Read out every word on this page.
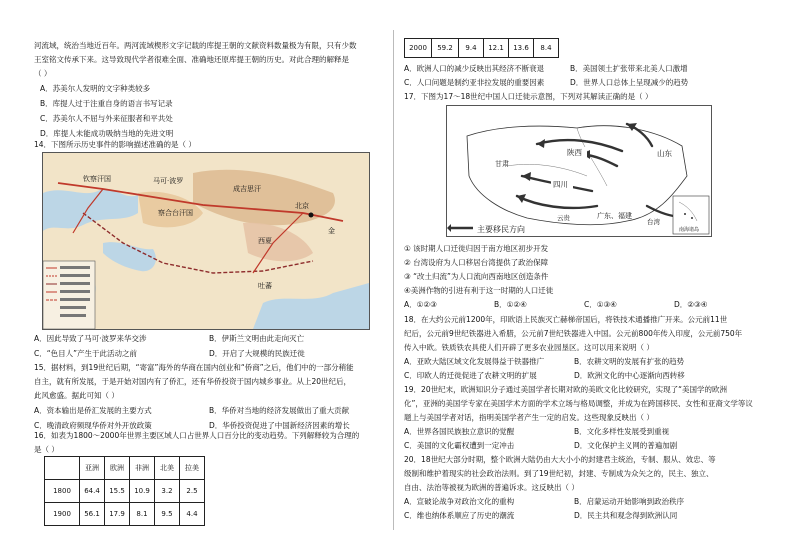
河流域，统治当地近百年。两河流域楔形文字记载的库提王朝的文献资料数量极为有限，只有少数

王室铭文传承下来。这导致现代学者很难全面、准确地还原库提王朝的历史。对此合理的解释是

（ ）

A．苏美尔人发明的文字种类较多

B．库提人过于注重自身的语言书写记录

C．苏美尔人不屈与外来征服者和平共处

D．库提人未能成功吸纳当地的先进文明

14．下图所示历史事件的影响描述准确的是（ ）

北京
马可·波罗
成吉思汗
金
西夏
吐蕃
察合台汗国
钦察汗国
A．因此导致了马可·波罗来华交涉	B．伊斯兰文明由此走向灭亡
C．“色目人”产生于此活动之前	D．开启了大规模的民族迁徙

15．据材料，到19世纪后期，“寄富”海外的华商在国内创业和“侨商”之后，他们中的一部分稍能

自主，就有所发展，于是开始对国内有了侨汇，还有华侨投资于国内城乡事业。从上20世纪后，

此风愈盛。据此可知（ ）

A．资本输出是侨汇发展的主要方式	B．华侨对当地的经济发展做出了重大贡献
C．晚清政府频现华侨对外开放政策	D．华侨投资促进了中国新经济因素的增长

16．如表为1800～2000年世界主要区域人口占世界人口百分比的变动趋势。下列解释较为合理的

是（ ）

	亚洲	欧洲	非洲	北美	拉美
1800	64.4	15.5	10.9	3.2	2.5
1900	56.1	17.9	8.1	9.5	4.4
2000	59.2	9.4	12.1	13.6	8.4
A．欧洲人口的减少反映出其经济不断衰退	B．美国领土扩张带来北美人口激增
C．人口问题是制约亚非拉发展的重要因素	D．世界人口总体上呈现减少的趋势

17．下图为17～18世纪中国人口迁徙示意图，下列对其解读正确的是（ ）

陕西	山东
四川
甘肃
广东、福建
台湾
云贵
主要移民方向	南海诸岛

① 该时期人口迁徙归因于南方地区初步开发

② 台湾设府为人口移居台湾提供了政治保障

③ “改土归流”为人口流向西南地区创造条件

④美洲作物的引进有利于这一时期的人口迁徙

A．①②③	B．①②④	C．①③④	D．②③④

18．在大约公元前1200年，印欧语上民族灭亡赫梯帝国后，将铁技术通播推广开来。公元前11世

纪后，公元前9世纪铁器进入希腊，公元前7世纪铁器进入中国。公元前800年传入印度，公元前750年

传入中欧。铁质铁农具使人们开辟了更多农业园垦区。这可以用来说明（ ）

A．亚欧大陆区域文化发展得益于铁器推广	B．农耕文明的发展有扩张的趋势
C．印欧人的迁徙促进了农耕文明的扩展	D．欧洲文化的中心逐渐向西转移

19．20世纪末，欧洲知识分子通过美国学者长期对欧的美欧文化比较研究，实现了“美国学的欧洲

化”，亚洲的美国学专家在美国学术方面的学术立场与格局调整，并成为在跨国移民、女性和亚裔文学等议

题上与美国学者对话，指明美国学者产生一定的启发。这些现象反映出（ ）

A．世界各国民族独立意识的觉醒	B．文化多样性发展受到重视
C．美国的文化霸权遭到一定冲击	D．文化保护主义网的普遍加剧

20．18世纪大部分时期，整个欧洲大陆仍由大大小小的封建君主统治，专制、服从、效忠、等

级制和维护着现实的社会政治法则。到了19世纪初，封建、专制成为众矢之的，民主、独立、

自由、法治等被视为欧洲的普遍诉求。这反映出（ ）

A．宣破论战争对政治文化的重构	B．启蒙运动开始影响到政治秩序
C．维也纳体系顺应了历史的潮流	D．民主共和观念得到欧洲认同
